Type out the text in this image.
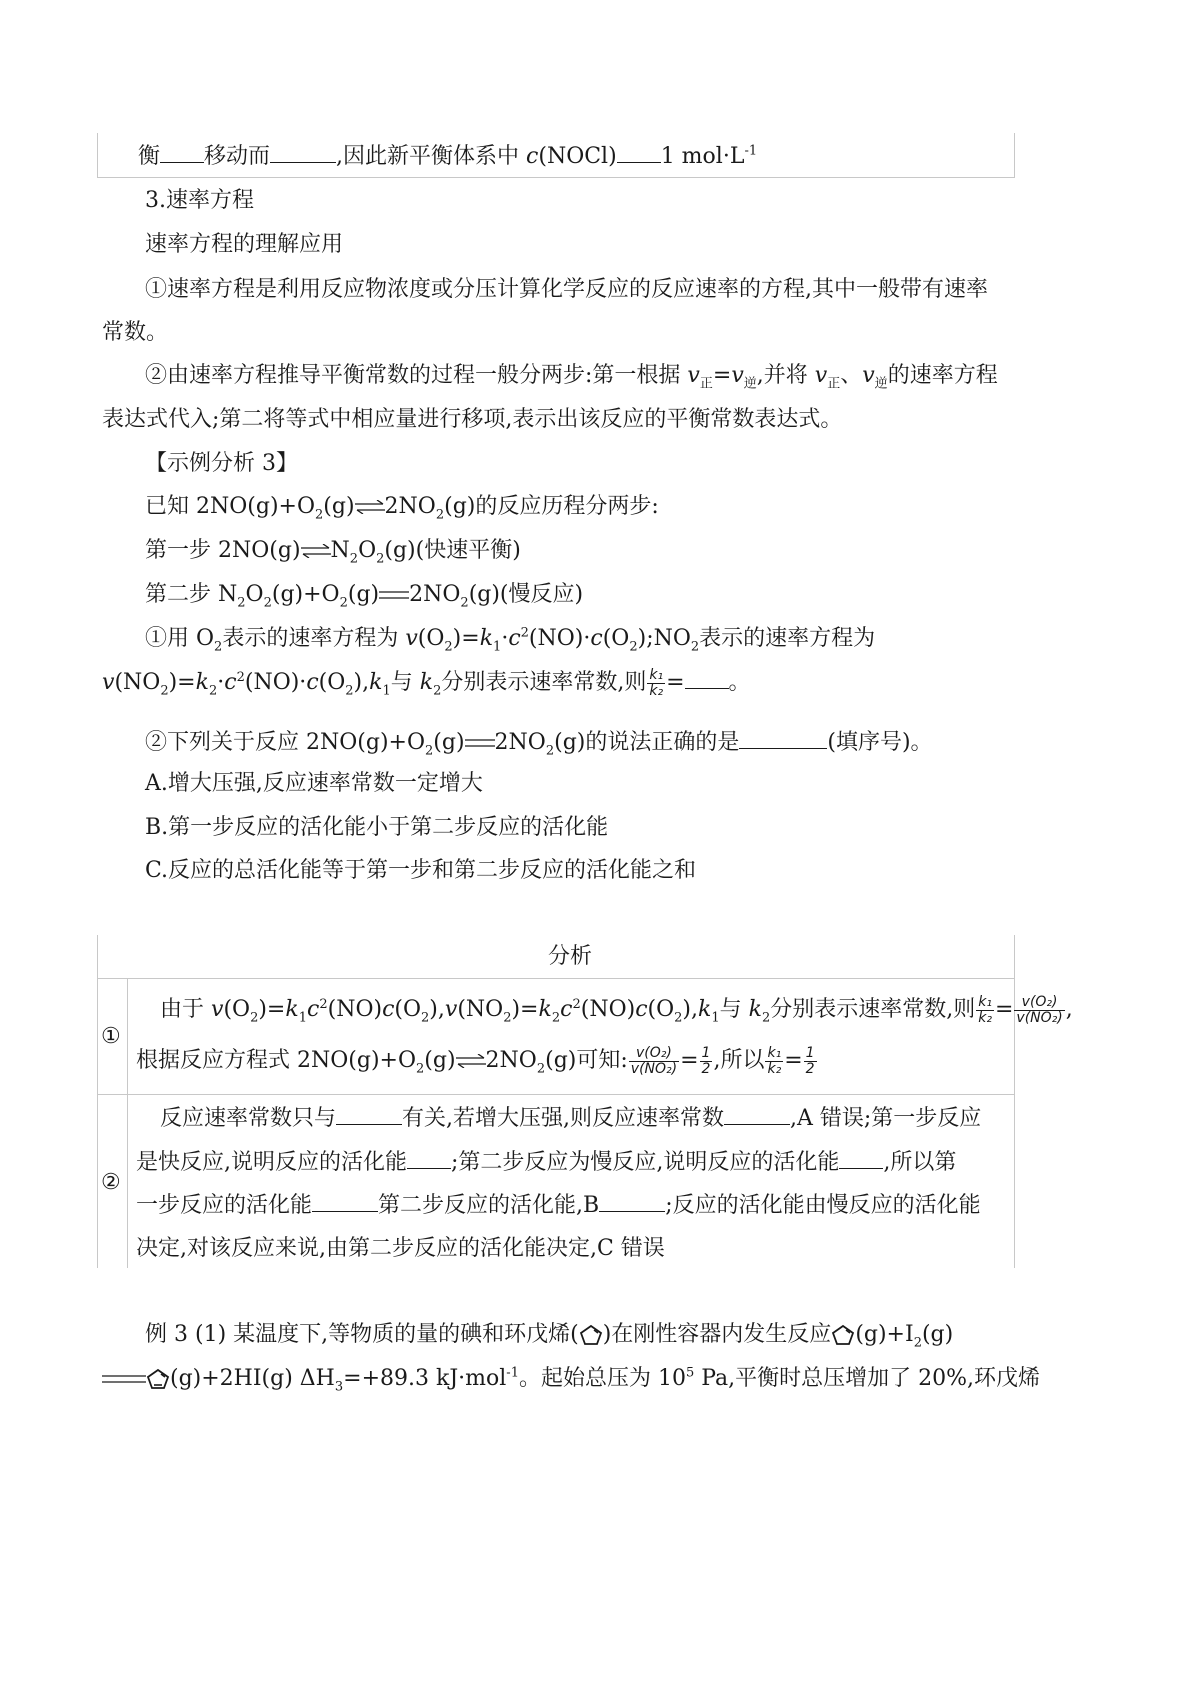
衡 移动而	,因此新平衡体系中 c(NOCl) 1 $mol\cdot L^{-1}$
3.速率方程
速率方程的理解应用
①速率方程是利用反应物浓度或分压计算化学反应的反应速率的方程,其中一般带有速率
常数。
②由速率方程推导平衡常数的过程一般分两步:第一根据 $v_正=v_逆$,并将 $v_正$、$v_逆$的速率方程
表达式代入;第二将等式中相应量进行移项,表示出该反应的平衡常数表达式。
【示例分析 3】
已知 $2NO(g)+O_2(g)\rightleftharpoons 2NO_2(g)$的反应历程分两步:
第一步 $2NO(g)\rightleftharpoons N_2O_2(g)$(快速平衡)
第二步 $N_2O_2(g)+O_2(g)$ $2NO_2(g)$(慢反应)
①用 $O_2$表示的速率方程为 $v(O_2)=k_1\cdot c^2(NO)\cdot c(O_2);NO_2$表示的速率方程为
$v(NO_2)=k_2\cdot c^2(NO)\cdot c(O_2),k_1$与 $k_2$分别表示速率常数,则 $\frac{\text{k₁}}{\text{k₂}}$ = 。
②下列关于反应 $2NO(g)+O_2(g)$ $2NO_2(g)$的说法正确的是	(填序号)。
A.增大压强,反应速率常数一定增大
B.第一步反应的活化能小于第二步反应的活化能
C.反应的总活化能等于第一步和第二步反应的活化能之和
分析
①
由于 $v(O_2)=k_1c^2(NO)c(O_2),v(NO_2)=k_2c^2(NO)c(O_2),k_1$与 $k_2$分别表示速率常数,则 $\frac{\text{k₁}}{\text{k₂}} = \frac{\text{v(O₂)}}{\text{v(NO₂)}}$ ,
根据反应方程式 $2NO(g)+O_2(g)\rightleftharpoons 2NO_2(g)$可知: $\frac{\text{v(O₂)}}{\text{v(NO₂)}} = \frac{1}{2}$ ,所以 $\frac{\text{k₁}}{\text{k₂}} = \frac{1}{2}$
②
反应速率常数只与	有关,若增大压强,则反应速率常数	,A 错误;第一步反应
是快反应,说明反应的活化能 ;第二步反应为慢反应,说明反应的活化能 ,所以第
一步反应的活化能	第二步反应的活化能,B	;反应的活化能由慢反应的活化能
决定,对该反应来说,由第二步反应的活化能决定,C 错误
例 3 (1) 某温度下,等物质的量的碘和环戊烯( )在刚性容器内发生反应 $(g)+I_2(g)$
(g)+2HI(g) $\Delta H_3=+89.3$ kJ·mol$^{-1}$。起始总压为 $10^5$ Pa,平衡时总压增加了 20%,环戊烯
